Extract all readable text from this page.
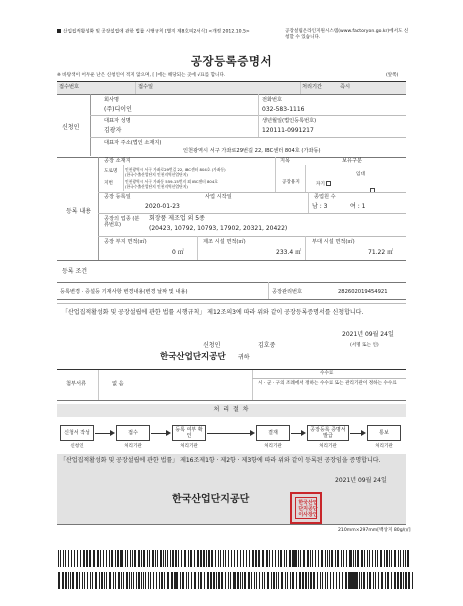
산업집적활성화 및 공장설립에 관한 법률 시행규칙 [별지 제8호의2서식] <개정 2012.10.5>	공장설립온라인지원시스템(www.factoryon.go.kr)에서도 신청할 수 있습니다.
공장등록증명서
※ 바탕색이 어두운 난은 신청인이 적지 않으며, [ ]에는 해당되는 곳에 √표를 합니다.	(앞쪽)
접수번호	접수일	처리기간	즉시
신청인
회사명
(주)디이인
전화번호
032-583-1116
대표자 성명
김광자
생년월일(법인등록번호)
120111-0991217
대표자 주소(법인 소재지)
인천광역시 서구 가좌로29번길 22, IBC센터 804호 (가좌동)
등록 내용
공장 소재지
도로명 인천광역시 서구 가좌로29번길 22, IBC센터 804호 (가좌동)
(한국수출산업단지 인천지역산업단지)
지번	인천광역시 서구 가좌동 559-15번지 외 IBC센터 804호
(한국수출산업단지 인천지역산업단지)
지목	보유구분
공장용지	자기
임대
공장 등록일
2020-01-23
사업 시작일	종업원 수
남 : 3	여 : 1
공장의 업종 (분류번호)
회장품 제조업 외 5종
(20423, 10792, 10793, 17902, 20321, 20422)
공장 부지 면적(㎡)
0 ㎡
제조 시설 면적(㎡)
233.4 ㎡
부대 시설 면적(㎡)
71.22 ㎡
등록 조건
등록변경 · 증설등 기재사항 변경내용(변경 날짜 및 내용)	공장관리번호	282602019454921
「산업집적활성화 및 공장설립에 관한 법률 시행규칙」 제12조의3에 따라 위와 같이 공장등록증명서를 신청합니다.
2021년 09월 24일
신청인	김호중	(서명 또는 인)
한국산업단지공단 귀하
첨부서류	없 음
수수료
시 · 군 · 구의 조례에서 정하는 수수료 또는 관리기관이 정하는 수수료
처 리 절 차
신청서 작성	접수	등록 여부 확인	결재	공장등록 증명서발급	통보
신청인	처리기관	처리기관	처리기관	처리기관	처리기관
「산업집적활성화 및 공장설립에 관한 법률」 제16조제1항 · 제2항 · 제3항에 따라 위와 같이 등록된 공장임을 증명합니다.
2021년 09월 24일
한국산업단지공단	한국산업단지공단이사장인
210mm×297mm[백상지 80g/㎡]
